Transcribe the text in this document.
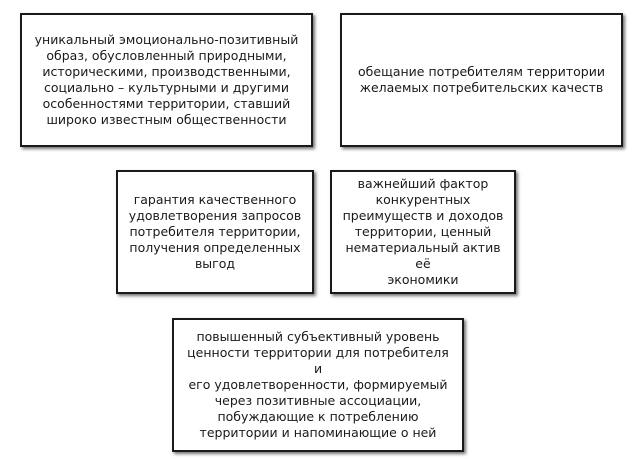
уникальный эмоционально-позитивный
образ, обусловленный природными,
историческими, производственными,
социально – культурными и другими
особенностями территории, ставший
широко известным общественности
обещание потребителям территории
желаемых потребительских качеств
гарантия качественного
удовлетворения запросов
потребителя территории,
получения определенных
выгод
важнейший фактор
конкурентных
преимуществ и доходов
территории, ценный
нематериальный актив её
экономики
повышенный субъективный уровень
ценности территории для потребителя и
его удовлетворенности, формируемый
через позитивные ассоциации,
побуждающие к потреблению
территории и напоминающие о ней
